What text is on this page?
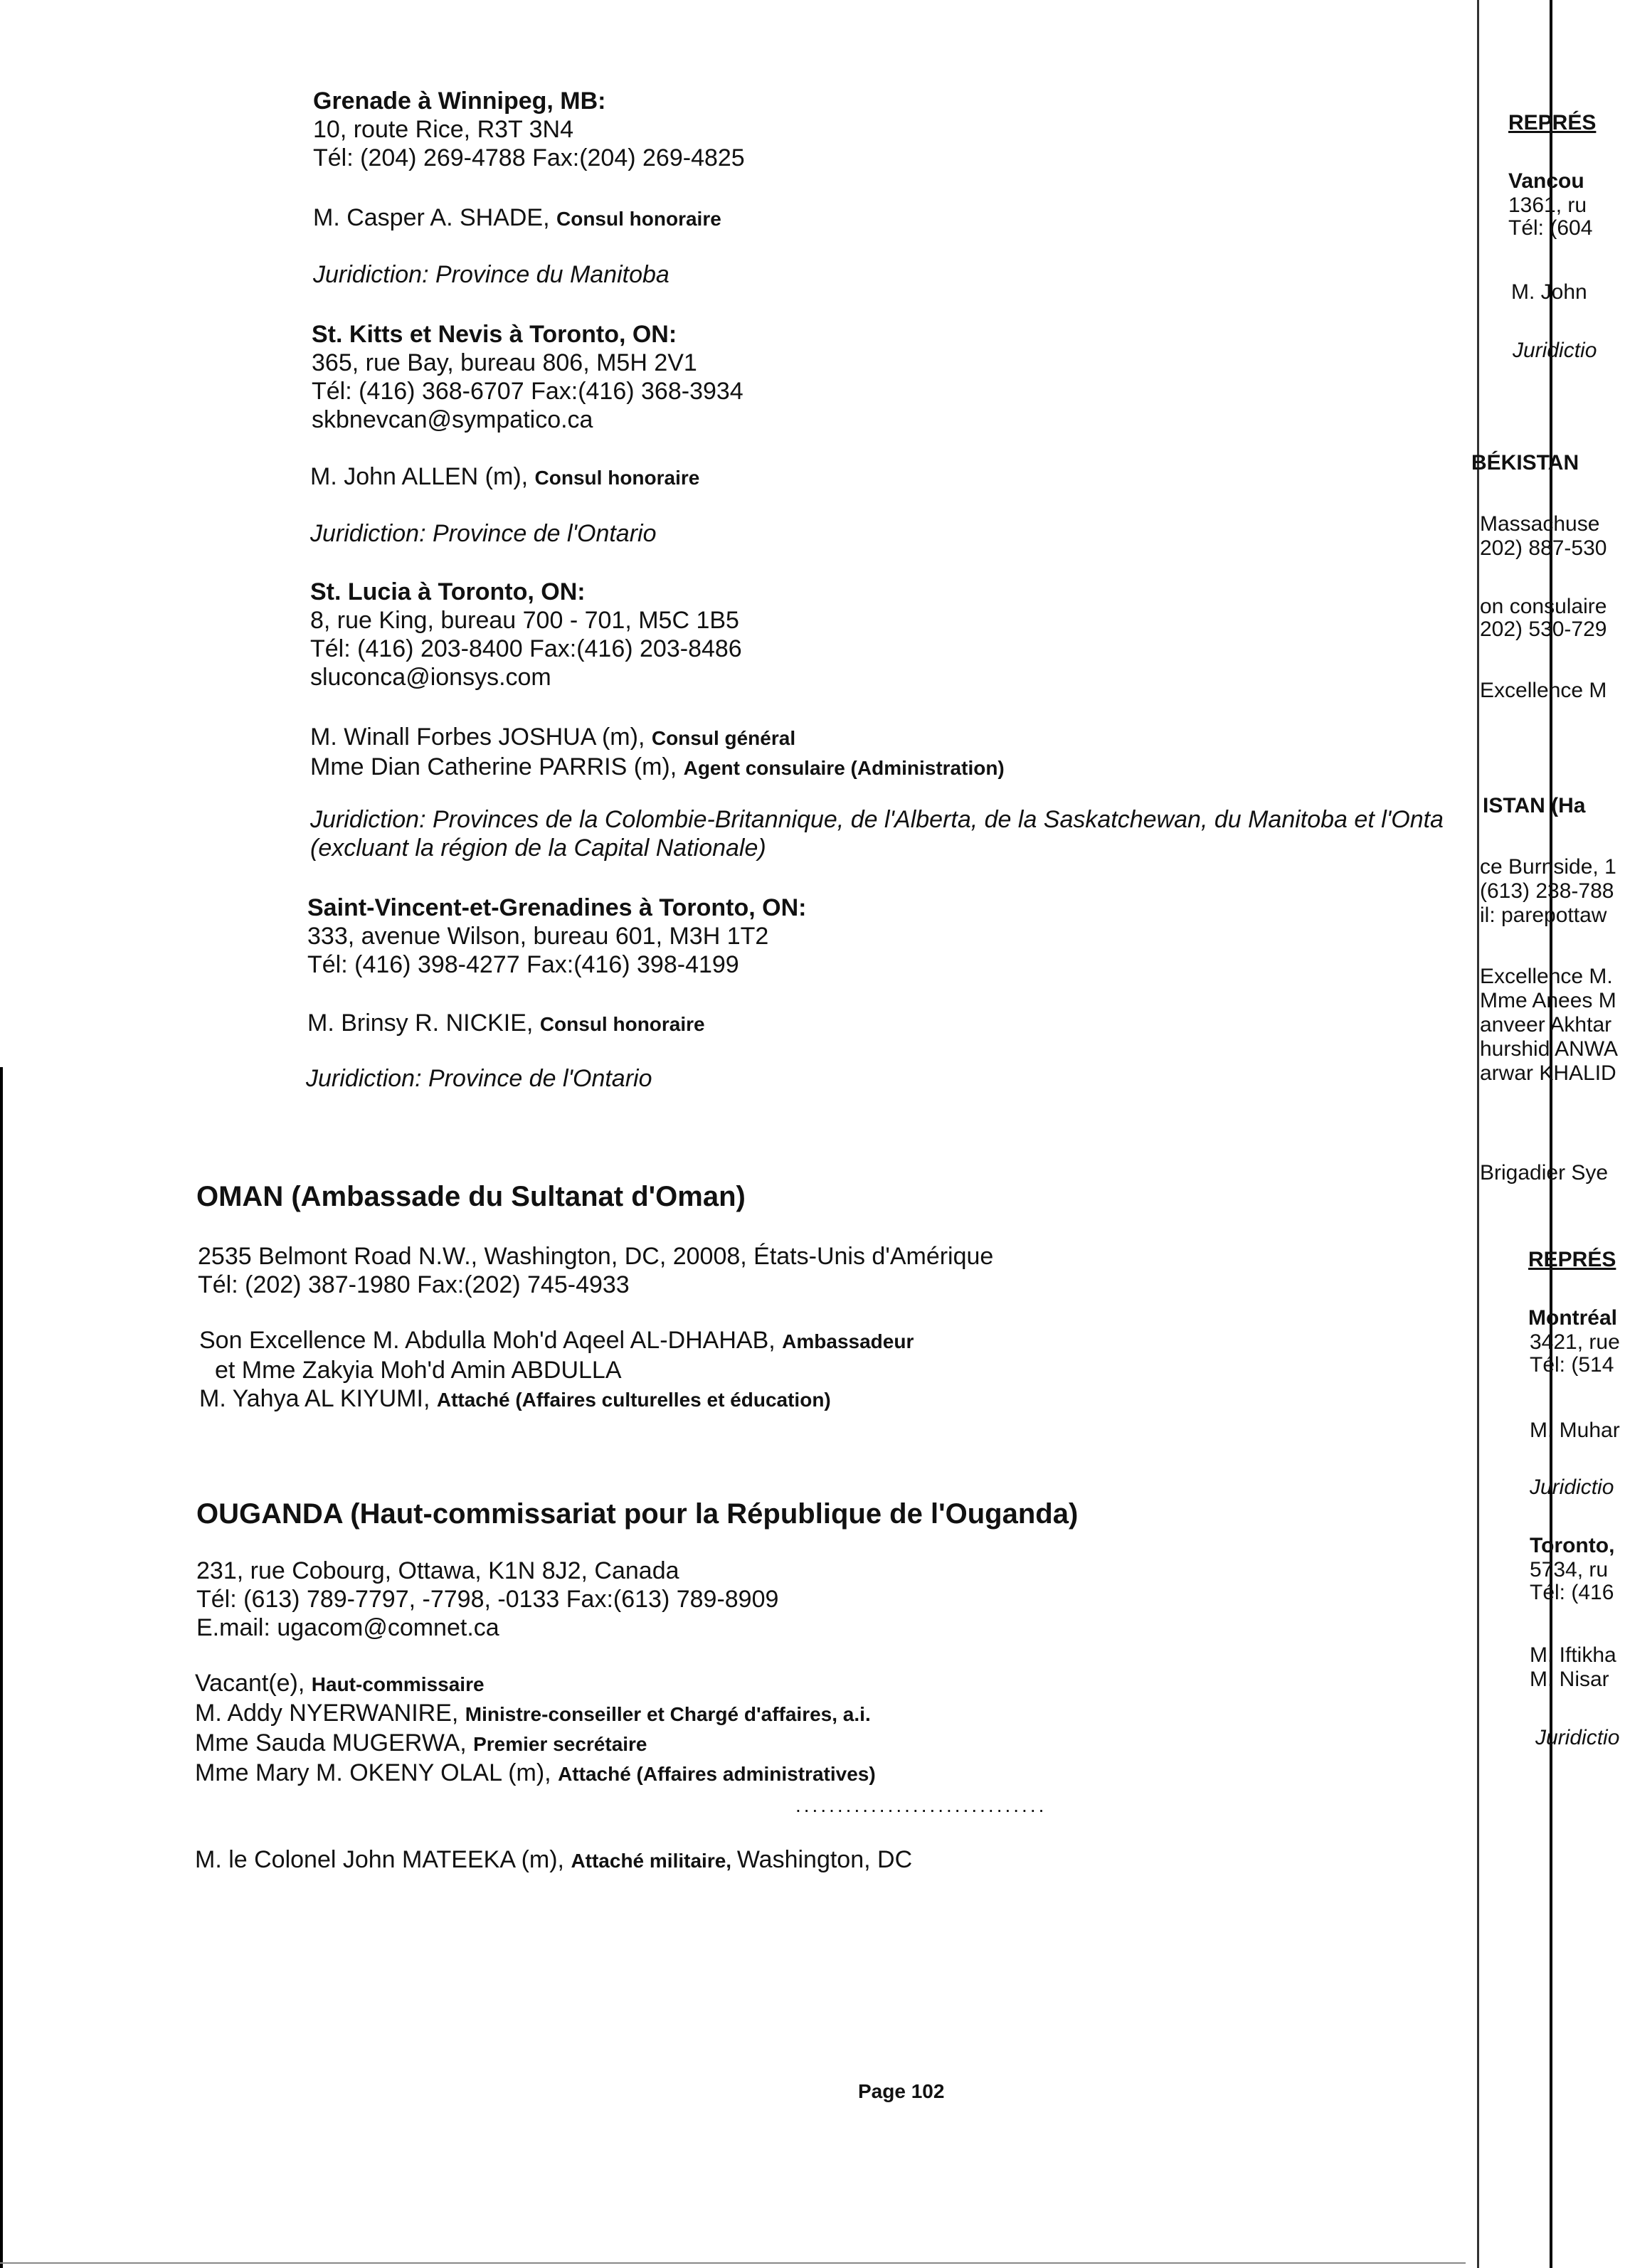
Grenade à Winnipeg, MB:
10, route Rice, R3T 3N4
Tél: (204) 269-4788 Fax:(204) 269-4825
M. Casper A. SHADE, Consul honoraire
Juridiction: Province du Manitoba
St. Kitts et Nevis à Toronto, ON:
365, rue Bay, bureau 806, M5H 2V1
Tél: (416) 368-6707 Fax:(416) 368-3934
skbnevcan@sympatico.ca
M. John ALLEN (m), Consul honoraire
Juridiction: Province de l'Ontario
St. Lucia à Toronto, ON:
8, rue King, bureau 700 - 701, M5C 1B5
Tél: (416) 203-8400 Fax:(416) 203-8486
sluconca@ionsys.com
M. Winall Forbes JOSHUA (m), Consul général
Mme Dian Catherine PARRIS (m), Agent consulaire (Administration)
Juridiction: Provinces de la Colombie-Britannique, de l'Alberta, de la Saskatchewan, du Manitoba et l'Onta
(excluant la région de la Capital Nationale)
Saint-Vincent-et-Grenadines à Toronto, ON:
333, avenue Wilson, bureau 601, M3H 1T2
Tél: (416) 398-4277 Fax:(416) 398-4199
M. Brinsy R. NICKIE, Consul honoraire
Juridiction: Province de l'Ontario
OMAN (Ambassade du Sultanat d'Oman)
2535 Belmont Road N.W., Washington, DC, 20008, États-Unis d'Amérique
Tél: (202) 387-1980 Fax:(202) 745-4933
Son Excellence M. Abdulla Moh'd Aqeel AL-DHAHAB, Ambassadeur
et Mme Zakyia Moh'd Amin ABDULLA
M. Yahya AL KIYUMI, Attaché (Affaires culturelles et éducation)
OUGANDA (Haut-commissariat pour la République de l'Ouganda)
231, rue Cobourg, Ottawa, K1N 8J2, Canada
Tél: (613) 789-7797, -7798, -0133 Fax:(613) 789-8909
E.mail: ugacom@comnet.ca
Vacant(e), Haut-commissaire
M. Addy NYERWANIRE, Ministre-conseiller et Chargé d'affaires, a.i.
Mme Sauda MUGERWA, Premier secrétaire
Mme Mary M. OKENY OLAL (m), Attaché (Affaires administratives)
..............................
M. le Colonel John MATEEKA (m), Attaché militaire, Washington, DC
Page 102
REPRÉS
Vancou
1361, ru
Tél: (604
M. John
Juridictio
BÉKISTAN
Massachuse
202) 887-530
on consulaire
202) 530-729
Excellence M
ISTAN (Ha
ce Burnside, 1
(613) 238-788
il: parepottaw
Excellence M.
Mme Anees M
anveer Akhtar
hurshid ANWA
arwar KHALID
Brigadier Sye
REPRÉS
Montréal
3421, rue
Tél: (514
M. Muhar
Juridictio
Toronto,
5734, ru
Tél: (416
M. Iftikha
M. Nisar
Juridictio
